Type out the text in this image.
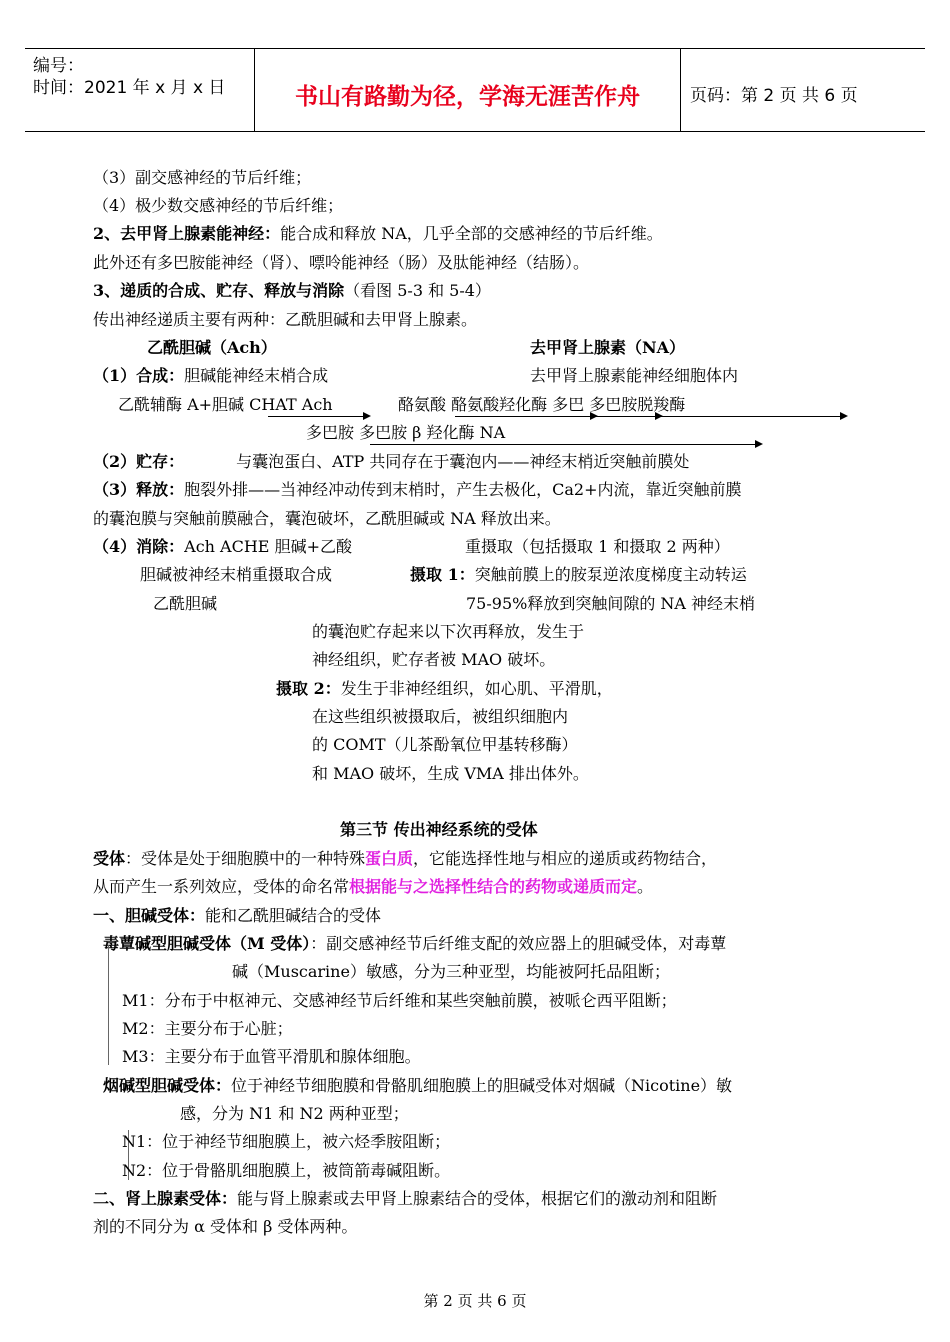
编号：
时间：2021 年 x 月 x 日	书山有路勤为径，学海无涯苦作舟	页码：第 2 页 共 6 页
（3）副交感神经的节后纤维；
（4）极少数交感神经的节后纤维；
2、去甲肾上腺素能神经：能合成和释放 NA，几乎全部的交感神经的节后纤维。
此外还有多巴胺能神经（肾）、嘌呤能神经（肠）及肽能神经（结肠）。
3、递质的合成、贮存、释放与消除（看图 5-3 和 5-4）
传出神经递质主要有两种：乙酰胆碱和去甲肾上腺素。
乙酰胆碱（Ach）	去甲肾上腺素（NA）
（1）合成：胆碱能神经末梢合成	去甲肾上腺素能神经细胞体内
乙酰辅酶 A+胆碱 CHAT Ach	酪氨酸 酪氨酸羟化酶 多巴 多巴胺脱羧酶
多巴胺 多巴胺 β 羟化酶 NA
（2）贮存：	与囊泡蛋白、ATP 共同存在于囊泡内——神经末梢近突触前膜处
（3）释放：胞裂外排——当神经冲动传到末梢时，产生去极化，Ca2+内流，靠近突触前膜
的囊泡膜与突触前膜融合，囊泡破坏，乙酰胆碱或 NA 释放出来。
（4）消除：Ach ACHE 胆碱+乙酸	重摄取（包括摄取 1 和摄取 2 两种）
胆碱被神经末梢重摄取合成	摄取 1：突触前膜上的胺泵逆浓度梯度主动转运
乙酰胆碱	75-95%释放到突触间隙的 NA 神经末梢
的囊泡贮存起来以下次再释放，发生于
神经组织，贮存者被 MAO 破坏。
摄取 2：发生于非神经组织，如心肌、平滑肌，
在这些组织被摄取后，被组织细胞内
的 COMT（儿茶酚氧位甲基转移酶）
和 MAO 破坏，生成 VMA 排出体外。
第三节 传出神经系统的受体
受体：受体是处于细胞膜中的一种特殊蛋白质，它能选择性地与相应的递质或药物结合，
从而产生一系列效应，受体的命名常根据能与之选择性结合的药物或递质而定。
一、胆碱受体：能和乙酰胆碱结合的受体
毒蕈碱型胆碱受体（M 受体）：副交感神经节后纤维支配的效应器上的胆碱受体，对毒蕈
碱（Muscarine）敏感，分为三种亚型，均能被阿托品阻断；
M1：分布于中枢神元、交感神经节后纤维和某些突触前膜，被哌仑西平阻断；
M2：主要分布于心脏；
M3：主要分布于血管平滑肌和腺体细胞。
烟碱型胆碱受体：位于神经节细胞膜和骨骼肌细胞膜上的胆碱受体对烟碱（Nicotine）敏
感，分为 N1 和 N2 两种亚型；
N1：位于神经节细胞膜上，被六烃季胺阻断；
N2：位于骨骼肌细胞膜上，被筒箭毒碱阻断。
二、肾上腺素受体：能与肾上腺素或去甲肾上腺素结合的受体，根据它们的激动剂和阻断
剂的不同分为 α 受体和 β 受体两种。
第 2 页 共 6 页
